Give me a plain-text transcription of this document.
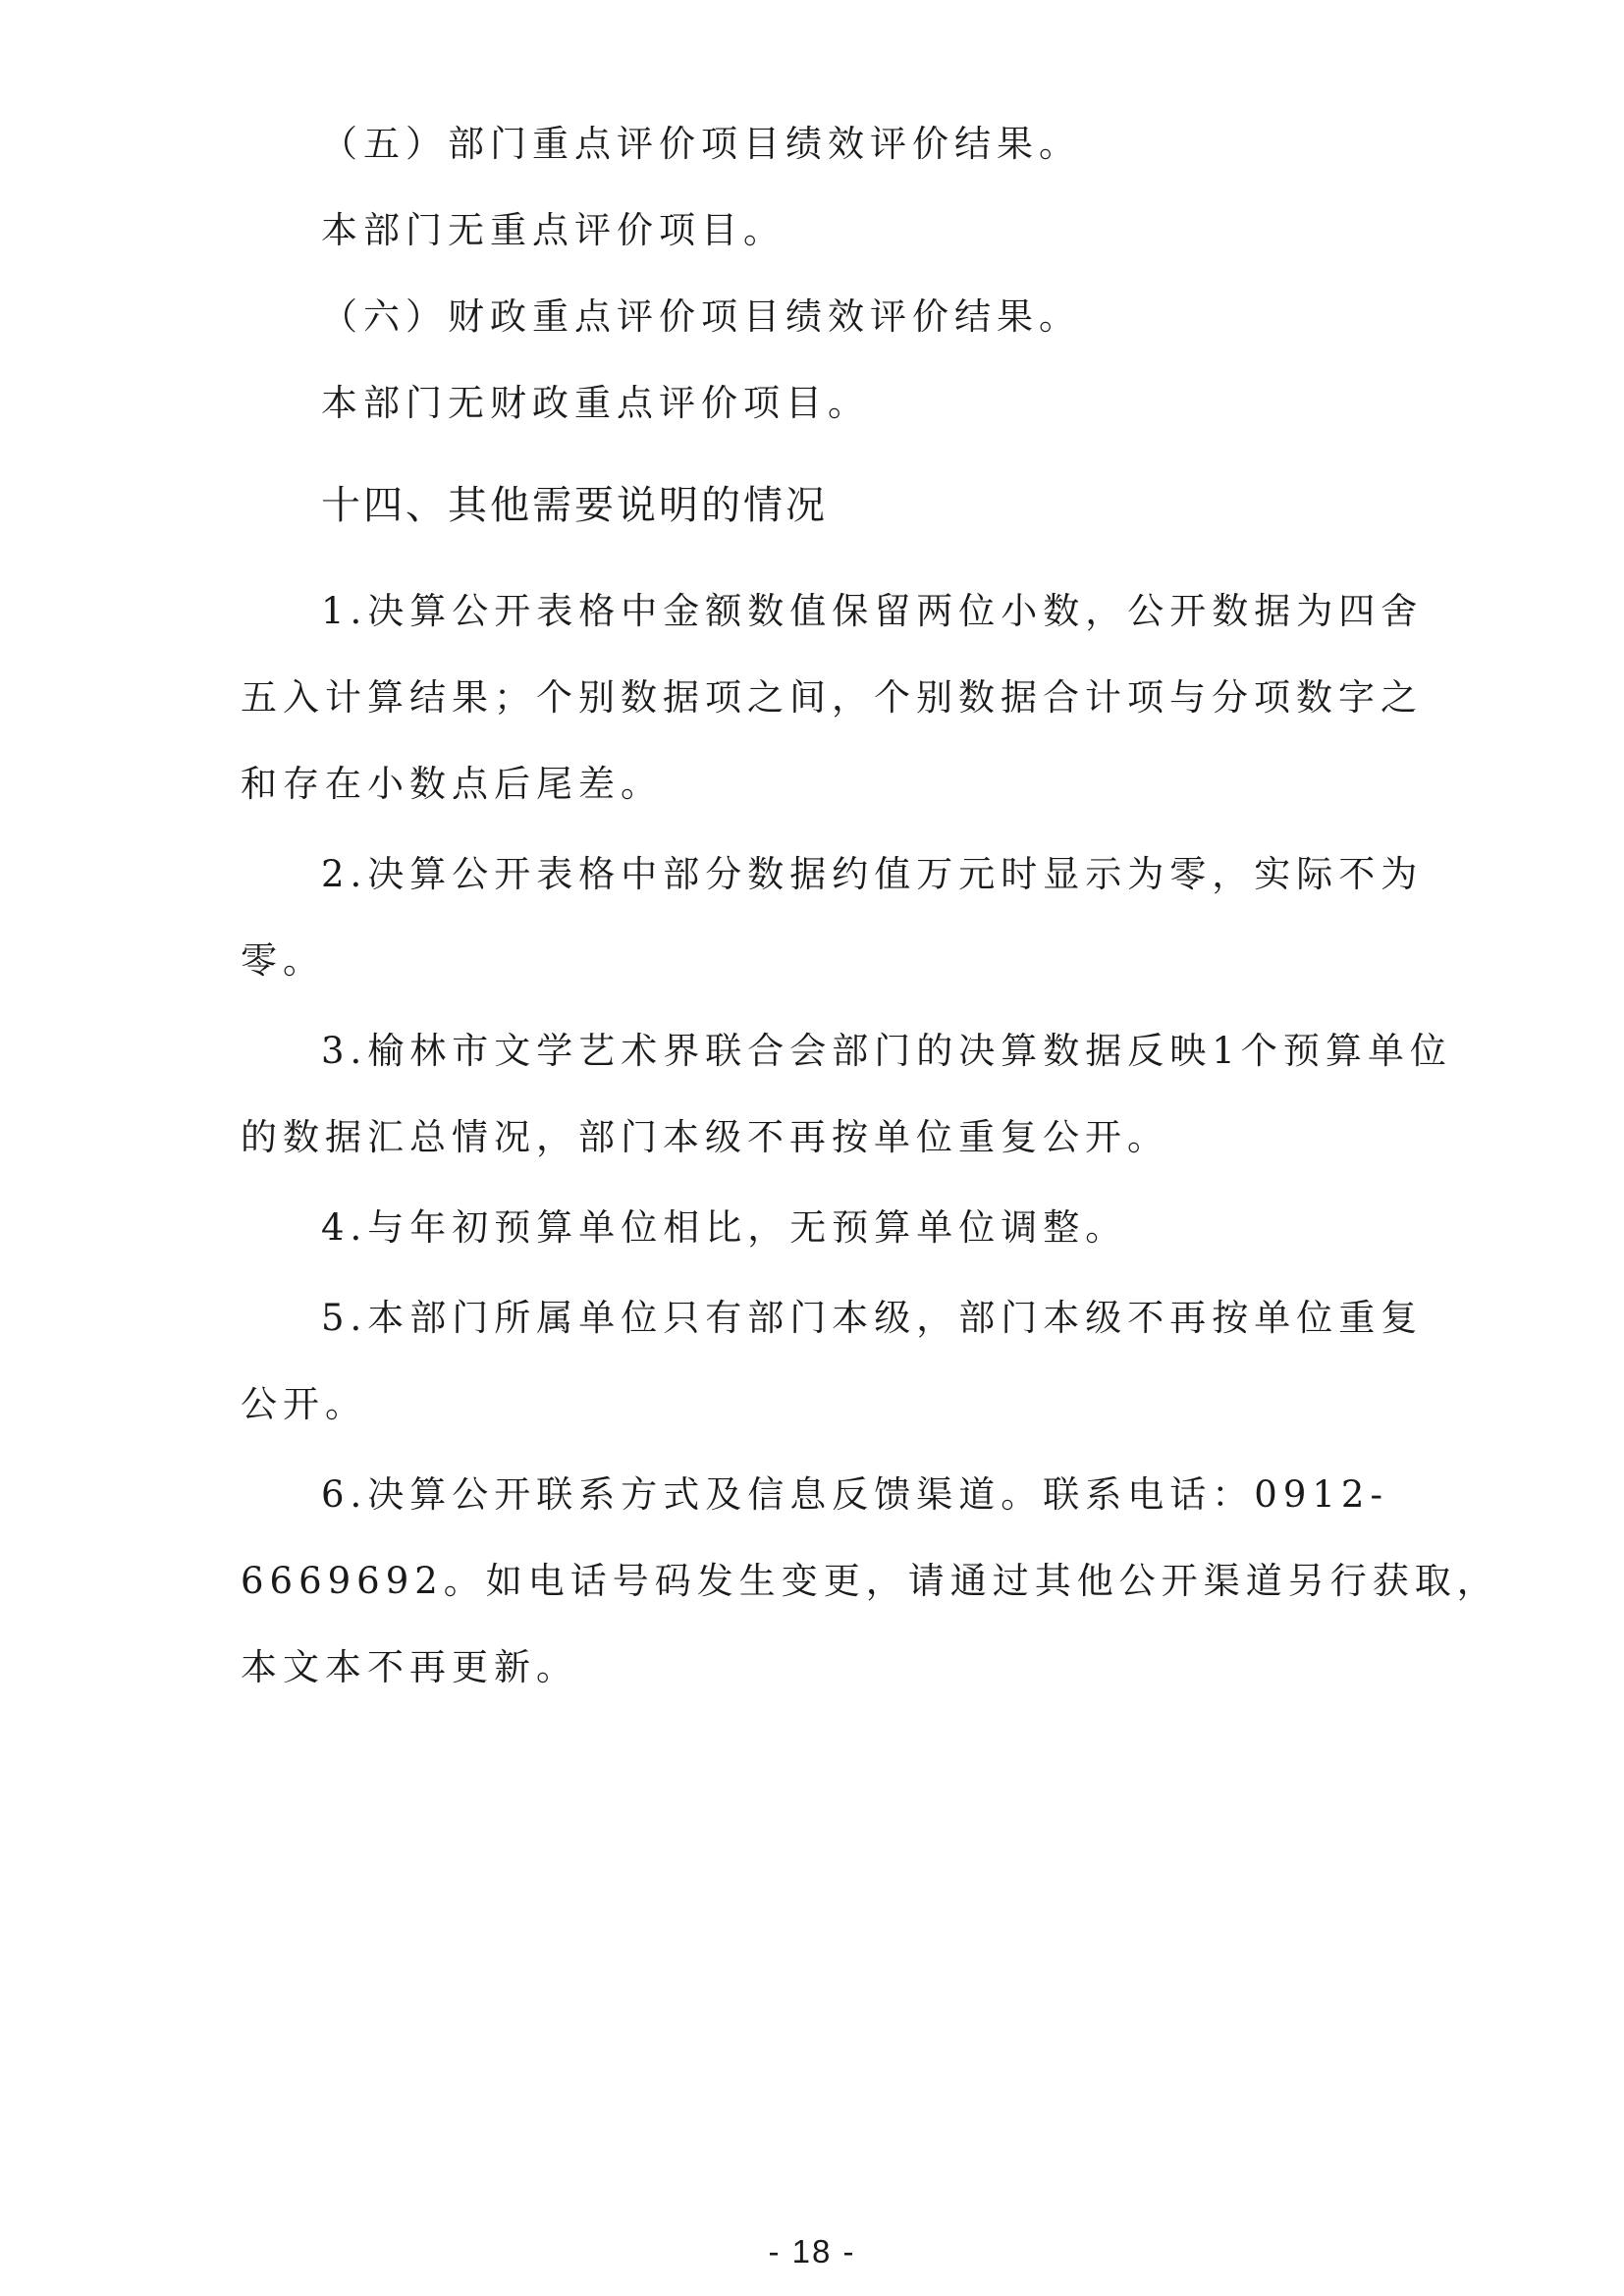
（五）部门重点评价项目绩效评价结果。

本部门无重点评价项目。

（六）财政重点评价项目绩效评价结果。

本部门无财政重点评价项目。

十四、其他需要说明的情况

1.决算公开表格中金额数值保留两位小数，公开数据为四舍

五入计算结果；个别数据项之间，个别数据合计项与分项数字之

和存在小数点后尾差。

2.决算公开表格中部分数据约值万元时显示为零，实际不为

零。

3.榆林市文学艺术界联合会部门的决算数据反映1个预算单位

的数据汇总情况，部门本级不再按单位重复公开。

4.与年初预算单位相比，无预算单位调整。

5.本部门所属单位只有部门本级，部门本级不再按单位重复

公开。

6.决算公开联系方式及信息反馈渠道。联系电话：0912-

6669692。如电话号码发生变更，请通过其他公开渠道另行获取，

本文本不再更新。

- 18 -
